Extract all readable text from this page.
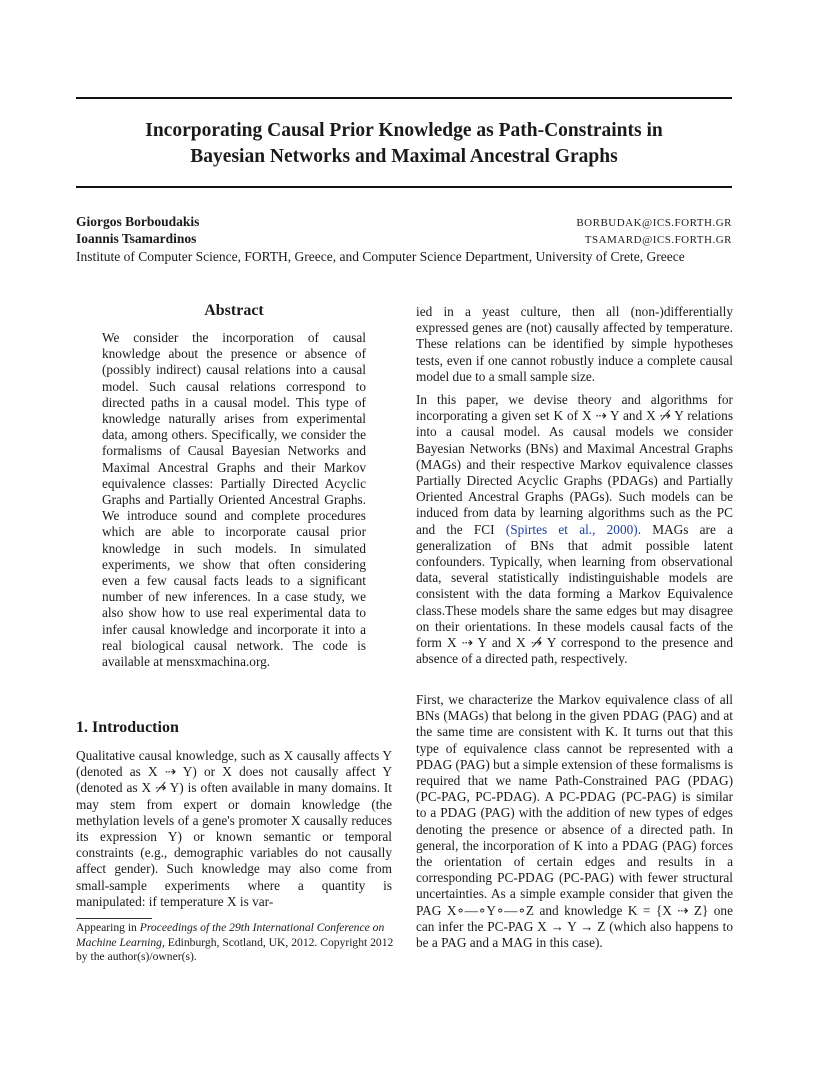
Incorporating Causal Prior Knowledge as Path-Constraints in
Bayesian Networks and Maximal Ancestral Graphs
Giorgos Borboudakis	BORBUDAK@ICS.FORTH.GR
Ioannis Tsamardinos	TSAMARD@ICS.FORTH.GR
Institute of Computer Science, FORTH, Greece, and Computer Science Department, University of Crete, Greece
Abstract
We consider the incorporation of causal knowledge about the presence or absence of (possibly indirect) causal relations into a causal model. Such causal relations correspond to directed paths in a causal model. This type of knowledge naturally arises from experimental data, among others. Specifically, we consider the formalisms of Causal Bayesian Networks and Maximal Ancestral Graphs and their Markov equivalence classes: Partially Directed Acyclic Graphs and Partially Oriented Ancestral Graphs. We introduce sound and complete procedures which are able to incorporate causal prior knowledge in such models. In simulated experiments, we show that often considering even a few causal facts leads to a significant number of new inferences. In a case study, we also show how to use real experimental data to infer causal knowledge and incorporate it into a real biological causal network. The code is available at mensxmachina.org.
1. Introduction
Qualitative causal knowledge, such as X causally affects Y (denoted as X ⇢ Y) or X does not causally affect Y (denoted as X ⇢̸ Y) is often available in many domains. It may stem from expert or domain knowledge (the methylation levels of a gene's promoter X causally reduces its expression Y) or known semantic or temporal constraints (e.g., demographic variables do not causally affect gender). Such knowledge may also come from small-sample experiments where a quantity is manipulated: if temperature X is var-
Appearing in Proceedings of the 29th International Conference on Machine Learning, Edinburgh, Scotland, UK, 2012. Copyright 2012 by the author(s)/owner(s).

ied in a yeast culture, then all (non-)differentially expressed genes are (not) causally affected by temperature. These relations can be identified by simple hypotheses tests, even if one cannot robustly induce a complete causal model due to a small sample size.

In this paper, we devise theory and algorithms for incorporating a given set K of X ⇢ Y and X ⇢̸ Y relations into a causal model. As causal models we consider Bayesian Networks (BNs) and Maximal Ancestral Graphs (MAGs) and their respective Markov equivalence classes Partially Directed Acyclic Graphs (PDAGs) and Partially Oriented Ancestral Graphs (PAGs). Such models can be induced from data by learning algorithms such as the PC and the FCI (Spirtes et al., 2000). MAGs are a generalization of BNs that admit possible latent confounders. Typically, when learning from observational data, several statistically indistinguishable models are consistent with the data forming a Markov Equivalence class.These models share the same edges but may disagree on their orientations. In these models causal facts of the form X ⇢ Y and X ⇢̸ Y correspond to the presence and absence of a directed path, respectively.

First, we characterize the Markov equivalence class of all BNs (MAGs) that belong in the given PDAG (PAG) and at the same time are consistent with K. It turns out that this type of equivalence class cannot be represented with a PDAG (PAG) but a simple extension of these formalisms is required that we name Path-Constrained PAG (PDAG) (PC-PAG, PC-PDAG). A PC-PDAG (PC-PAG) is similar to a PDAG (PAG) with the addition of new types of edges denoting the presence or absence of a directed path. In general, the incorporation of K into a PDAG (PAG) forces the orientation of certain edges and results in a corresponding PC-PDAG (PC-PAG) with fewer structural uncertainties. As a simple example consider that given the PAG X∘—∘Y∘—∘Z and knowledge K = {X ⇢ Z} one can infer the PC-PAG X → Y → Z (which also happens to be a PAG and a MAG in this case).
